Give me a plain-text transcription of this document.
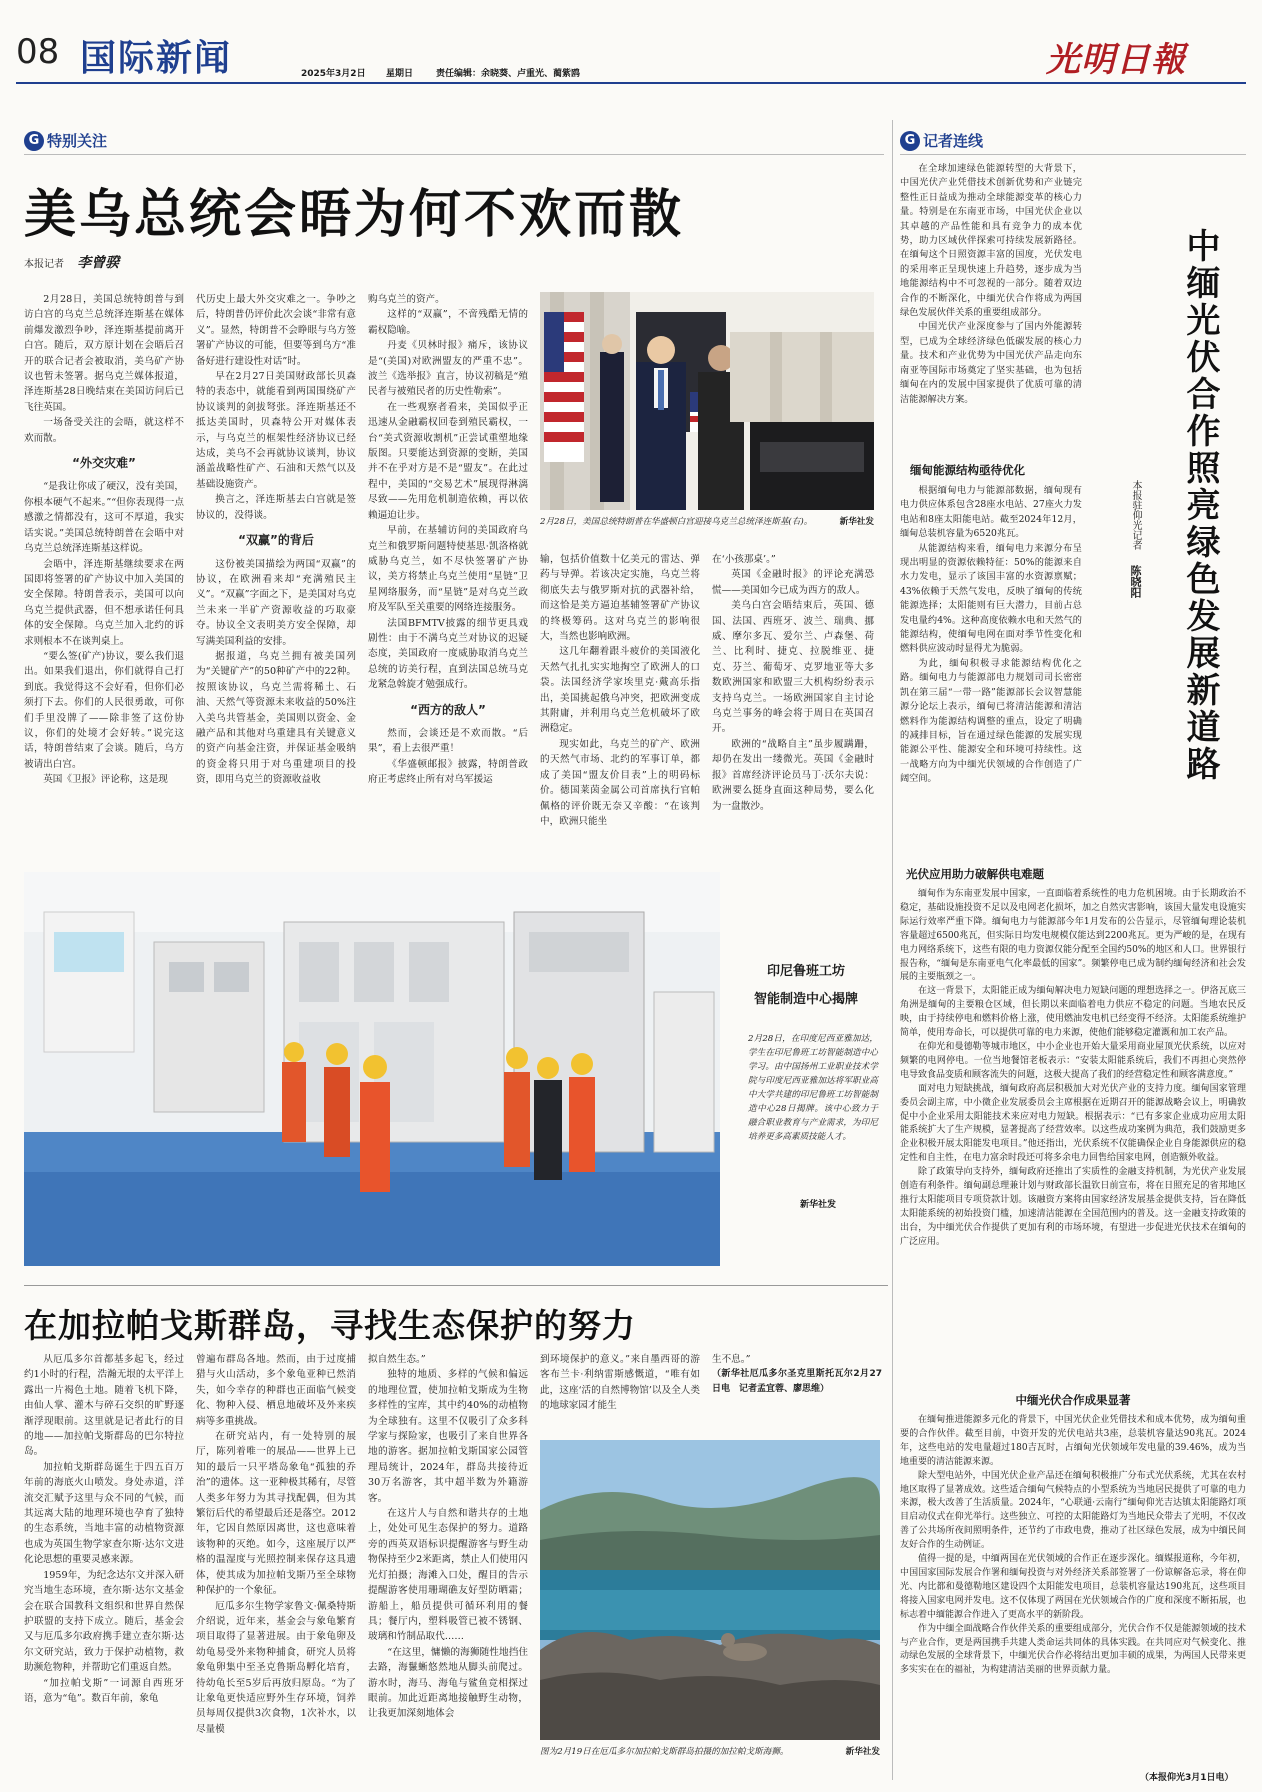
08 国际新闻	2025年3月2日 星期日	责任编辑：余晓葵、卢重光、蔺紫鸥	光明日報
G 特别关注
美乌总统会晤为何不欢而散
本报记者 李曾骙

2月28日，美国总统特朗普与到访白宫的乌克兰总统泽连斯基在媒体前爆发激烈争吵，泽连斯基提前离开白宫。随后，双方原计划在会晤后召开的联合记者会被取消，美乌矿产协议也暂未签署。据乌克兰媒体报道，泽连斯基28日晚结束在美国访问后已飞往英国。

一场备受关注的会晤，就这样不欢而散。

“外交灾难”

“是我让你成了硬汉，没有美国，你根本硬气不起来。”“但你表现得一点感激之情都没有，这可不厚道，我实话实说。”美国总统特朗普在会晤中对乌克兰总统泽连斯基这样说。

会晤中，泽连斯基继续要求在两国即将签署的矿产协议中加入美国的安全保障。特朗普表示，美国可以向乌克兰提供武器，但不想承诺任何具体的安全保障。乌克兰加入北约的诉求则根本不在谈判桌上。

“要么签(矿产)协议，要么我们退出。如果我们退出，你们就得自己打到底。我觉得这不会好看，但你们必须打下去。你们的人民很勇敢，可你们手里没牌了——除非签了这份协议，你们的处境才会好转。”说完这话，特朗普结束了会谈。随后，乌方被请出白宫。

英国《卫报》评论称，这是现

代历史上最大外交灾难之一。争吵之后，特朗普仍评价此次会谈“非常有意义”。显然，特朗普不会睁眼与乌方签署矿产协议的可能，但要等到乌方“准备好进行建设性对话”时。

早在2月27日美国财政部长贝森特的表态中，就能看到两国围绕矿产协议谈判的剑拔弩张。泽连斯基还不抵达美国时，贝森特公开对媒体表示，与乌克兰的框架性经济协议已经达成，美乌不会再就协议谈判，协议涵盖战略性矿产、石油和天然气以及基础设施资产。

换言之，泽连斯基去白宫就是签协议的，没得谈。

“双赢”的背后

这份被美国描绘为两国“双赢”的协议，在欧洲看来却“充满殖民主义”。“双赢”字面之下，是美国对乌克兰未来一半矿产资源收益的巧取豪夺。协议全文表明美方安全保障，却写满美国利益的安排。

据报道，乌克兰拥有被美国列为“关键矿产”的50种矿产中的22种。按照该协议，乌克兰需将稀土、石油、天然气等资源未来收益的50%注入美乌共管基金，美国则以资金、金融产品和其他对乌重建具有关键意义的资产向基金注资，并保证基金吸纳的资金将只用于对乌重建项目的投资，即用乌克兰的资源收益收

购乌克兰的资产。

这样的“双赢”，不啻残酷无情的霸权隐喻。

丹麦《贝林时报》痛斥，该协议是“(美国)对欧洲盟友的严重不忠”。波兰《选举报》直言，协议初稿是“殖民者与被殖民者的历史性勒索”。

在一些观察者看来，美国似乎正迅速从金融霸权回卷到殖民霸权，一台“美式资源收割机”正尝试重塑地缘版图。只要能达到资源的变断，美国并不在乎对方是不是“盟友”。在此过程中，美国的“交易艺术”展现得淋漓尽致——先用危机制造依赖，再以依赖逼迫让步。

早前，在基辅访问的美国政府乌克兰和俄罗斯问题特使基思·凯洛格就威胁乌克兰，如不尽快签署矿产协议，美方将禁止乌克兰使用“星链”卫星网络服务，而“星链”是对乌克兰政府及军队至关重要的网络连接服务。

法国BFMTV披露的细节更具戏剧性：由于不满乌克兰对协议的迟疑态度，美国政府一度威胁取消乌克兰总统的访美行程，直到法国总统马克龙紧急斡旋才勉强成行。

“西方的敌人”

然而，会谈还是不欢而散。“后果”，看上去很严重！

《华盛顿邮报》披露，特朗普政府正考虑终止所有对乌军援运

2月28日，美国总统特朗普在华盛顿白宫迎接乌克兰总统泽连斯基(右)。	新华社发

输，包括价值数十亿美元的雷达、弹药与导弹。若该决定实施，乌克兰将彻底失去与俄罗斯对抗的武器补给，而这恰是美方逼迫基辅签署矿产协议的终极筹码。这对乌克兰的影响很大，当然也影响欧洲。

这几年翻着跟斗疲价的美国液化天然气扎扎实实地掏空了欧洲人的口袋。法国经济学家埃里克·戴高乐指出，美国挑起俄乌冲突，把欧洲变成其附庸，并利用乌克兰危机破坏了欧洲稳定。

现实如此，乌克兰的矿产、欧洲的天然气市场、北约的军事订单，都成了美国“盟友价目表”上的明码标价。德国莱茵金属公司首席执行官帕佩格的评价既无奈又辛酸：“在该判中，欧洲只能坐

在‘小孩那桌’。”

英国《金融时报》的评论充满恐慌——美国如今已成为西方的敌人。

美乌白宫会晤结束后，英国、德国、法国、西班牙、波兰、瑞典、挪威、摩尔多瓦、爱尔兰、卢森堡、荷兰、比利时、捷克、拉脱维亚、捷克、芬兰、葡萄牙、克罗地亚等大多数欧洲国家和欧盟三大机构纷纷表示支持乌克兰。一场欧洲国家自主讨论乌克兰事务的峰会将于周日在英国召开。

欧洲的“战略自主”虽步履蹒跚，却仍在发出一缕微光。英国《金融时报》首席经济评论员马丁·沃尔夫说：欧洲要么挺身直面这种局势，要么化为一盘散沙。

印尼鲁班工坊
智能制造中心揭牌
2月28日，在印度尼西亚雅加达，学生在印尼鲁班工坊智能制造中心学习。由中国扬州工业职业技术学院与印度尼西亚雅加达将军职业高中大学共建的印尼鲁班工坊智能制造中心28日揭牌。该中心致力于融合职业教育与产业需求，为印尼培养更多高素质技能人才。
新华社发
在加拉帕戈斯群岛，寻找生态保护的努力

从厄瓜多尔首都基多起飞，经过约1小时的行程，浩瀚无垠的太平洋上露出一片褐色土地。随着飞机下降，由仙人掌、灌木与碎石交织的旷野逐渐浮现眼前。这里就是记者此行的目的地——加拉帕戈斯群岛的巴尔特拉岛。

加拉帕戈斯群岛诞生于四五百万年前的海底火山喷发。身处赤道，洋流交汇赋予这里与众不同的气候，而其远离大陆的地理环境也孕育了独特的生态系统，当地丰富的动植物资源也成为英国生物学家查尔斯·达尔文进化论思想的重要灵感来源。

1959年，为纪念达尔文并深入研究当地生态环境，查尔斯·达尔文基金会在联合国教科文组织和世界自然保护联盟的支持下成立。随后，基金会又与厄瓜多尔政府携手建立查尔斯·达尔文研究站，致力于保护动植物，救助濒危物种，并帮助它们重返自然。

“加拉帕戈斯”一词源自西班牙语，意为“龟”。数百年前，象龟

曾遍布群岛各地。然而，由于过度捕猎与火山活动，多个象龟亚种已然消失，如今幸存的种群也正面临气候变化、物种入侵、栖息地破坏及外来疾病等多重挑战。

在研究站内，有一处特别的展厅，陈列着唯一的展品——世界上已知的最后一只平塔岛象龟“孤独的乔治”的遗体。这一亚种极其稀有，尽管人类多年努力为其寻找配偶，但为其繁衍后代的希望最后还是落空。2012年，它因自然原因离世，这也意味着该物种的灭绝。如今，这座展厅以严格的温湿度与光照控制来保存这具遗体，使其成为加拉帕戈斯乃至全球物种保护的一个象征。

厄瓜多尔生物学家鲁文·佩桑特斯介绍说，近年来，基金会与象龟繁育项目取得了显著进展。由于象龟卵及幼龟易受外来物种捕食，研究人员将象龟卵集中至圣克鲁斯岛孵化培育，待幼龟长至5岁后再放归原岛。“为了让象龟更快适应野外生存环境，饲养员每周仅提供3次食物，1次补水，以尽量模

拟自然生态。”

独特的地质、多样的气候和偏远的地理位置，使加拉帕戈斯成为生物多样性的宝库，其中约40%的动植物为全球独有。这里不仅吸引了众多科学家与探险家，也吸引了来自世界各地的游客。据加拉帕戈斯国家公园管理局统计，2024年，群岛共接待近30万名游客，其中超半数为外籍游客。

在这片人与自然和谐共存的土地上，处处可见生态保护的努力。道路旁的西英双语标识提醒游客与野生动物保持至少2米距离，禁止人们使用闪光灯拍摄；海滩入口处，醒目的告示提醒游客使用珊瑚礁友好型防晒霜；游船上，船员提供可循环利用的餐具；餐厅内，塑料吸管已被不锈钢、玻璃和竹制品取代……

“在这里，慵懒的海狮随性地挡住去路，海鬣蜥悠然地从脚头前爬过。游水时，海马、海龟与鲨鱼竞相探过眼前。加此近距离地接触野生动物，让我更加深刻地体会

到环境保护的意义。”来自墨西哥的游客布兰卡·利纳雷斯感慨道，“唯有如此，这座‘活的自然博物馆’以及全人类的地球家园才能生

生不息。”

（新华社厄瓜多尔圣克里斯托瓦尔2月27日电　记者孟宜蓉、廖思维）
图为2月19日在厄瓜多尔加拉帕戈斯群岛拍摄的加拉帕戈斯海狮。	新华社发
G 记者连线

在全球加速绿色能源转型的大背景下，中国光伏产业凭借技术创新优势和产业链完整性正日益成为推动全球能源变革的核心力量。特别是在东南亚市场，中国光伏企业以其卓越的产品性能和具有竞争力的成本优势，助力区域伙伴探索可持续发展新路径。在缅甸这个日照资源丰富的国度，光伏发电的采用率正呈现快速上升趋势，逐步成为当地能源结构中不可忽视的一部分。随着双边合作的不断深化，中缅光伏合作将成为两国绿色发展伙伴关系的重要组成部分。

中国光伏产业深度参与了国内外能源转型，已成为全球经济绿色低碳发展的核心力量。技术和产业优势为中国光伏产品走向东南亚等国际市场奠定了坚实基础，也为包括缅甸在内的发展中国家提供了优质可靠的清洁能源解决方案。	中缅光伏合作照亮绿色发展新道路
本报驻仰光记者 陈晓阳
缅甸能源结构亟待优化

根据缅甸电力与能源部数据，缅甸现有电力供应体系包含28座水电站、27座火力发电站和8座太阳能电站。截至2024年12月，缅甸总装机容量为6520兆瓦。

从能源结构来看，缅甸电力来源分布呈现出明显的资源依赖特征：50%的能源来自水力发电，显示了该国丰富的水资源禀赋；43%依赖于天然气发电，反映了缅甸的传统能源选择；太阳能则有巨大潜力，目前占总发电量约4%。这种高度依赖水电和天然气的能源结构，使缅甸电网在面对季节性变化和燃料供应波动时显得尤为脆弱。

为此，缅甸积极寻求能源结构优化之路。缅甸电力与能源部电力规划司司长密密凯在第三届“一带一路”能源部长会议智慧能源分论坛上表示，缅甸已将清洁能源和清洁燃料作为能源结构调整的重点，设定了明确的减排目标，旨在通过绿色能源的发展实现能源公平性、能源安全和环境可持续性。这一战略方向为中缅光伏领域的合作创造了广阔空间。

光伏应用助力破解供电难题

缅甸作为东南亚发展中国家，一直面临着系统性的电力危机困境。由于长期政治不稳定，基础设施投资不足以及电网老化损坏，加之自然灾害影响，该国大量发电设施实际运行效率严重下降。缅甸电力与能源部今年1月发布的公告显示，尽管缅甸理论装机容量超过6500兆瓦，但实际日均发电规模仅能达到2200兆瓦。更为严峻的是，在现有电力网络系统下，这些有限的电力资源仅能分配至全国约50%的地区和人口。世界银行报告称，“缅甸是东南亚电气化率最低的国家”。频繁停电已成为制约缅甸经济和社会发展的主要瓶颈之一。

在这一背景下，太阳能正成为缅甸解决电力短缺问题的理想选择之一。伊洛瓦底三角洲是缅甸的主要粮仓区域，但长期以来面临着电力供应不稳定的问题。当地农民反映，由于持续停电和燃料价格上涨，使用燃油发电机已经变得不经济。太阳能系统维护简单，使用寿命长，可以提供可靠的电力来源，使他们能够稳定灌溉和加工农产品。

在仰光和曼德勒等城市地区，中小企业也开始大量采用商业屋顶光伏系统，以应对频繁的电网停电。一位当地餐馆老板表示：“安装太阳能系统后，我们不再担心突然停电导致食品变质和顾客流失的问题，这极大提高了我们的经营稳定性和顾客满意度。”

面对电力短缺挑战，缅甸政府高层积极加大对光伏产业的支持力度。缅甸国家管理委员会副主席，中小微企业发展委员会主席根据在近期召开的能源战略会议上，明确敦促中小企业采用太阳能技术来应对电力短缺。根据表示：“已有多家企业成功应用太阳能系统扩大了生产规模，显著提高了经营效率。以这些成功案例为典范，我们鼓励更多企业积极开展太阳能发电项目。”他还指出，光伏系统不仅能确保企业自身能源供应的稳定性和自主性，在电力富余时段还可将多余电力回售给国家电网，创造额外收益。

除了政策导向支持外，缅甸政府还推出了实质性的金融支持机制，为光伏产业发展创造有利条件。缅甸副总理兼计划与财政部长温钦日前宣布，将在日照充足的省邦地区推行太阳能项目专项贷款计划。该融资方案将由国家经济发展基金提供支持，旨在降低太阳能系统的初始投资门槛，加速清洁能源在全国范围内的普及。这一金融支持政策的出台，为中缅光伏合作提供了更加有利的市场环境，有望进一步促进光伏技术在缅甸的广泛应用。

中缅光伏合作成果显著

在缅甸推进能源多元化的背景下，中国光伏企业凭借技术和成本优势，成为缅甸重要的合作伙伴。截至目前，中资开发的光伏电站共3座，总装机容量达90兆瓦。2024年，这些电站的发电量超过180吉瓦时，占缅甸光伏领域年发电量的39.46%，成为当地重要的清洁能源来源。

除大型电站外，中国光伏企业产品还在缅甸积极推广分布式光伏系统，尤其在农村地区取得了显著成效。这些适合缅甸气候特点的小型系统为当地居民提供了可靠的电力来源，极大改善了生活质量。2024年，“心联通·云南行”缅甸仰光吉达镇太阳能路灯项目启动仪式在仰光举行。这些独立、可控的太阳能路灯为当地民众带去了光明，不仅改善了公共场所夜间照明条件，还节约了市政电费，推动了社区绿色发展，成为中缅民间友好合作的生动例证。

值得一提的是，中缅两国在光伏领域的合作正在逐步深化。缅媒报道称，今年初，中国国家国际发展合作署和缅甸投资与对外经济关系部签署了一份谅解备忘录，将在仰光、内比都和曼德勒地区建设四个太阳能发电项目，总装机容量达190兆瓦，这些项目将接入国家电网并发电。这不仅体现了两国在光伏领域合作的广度和深度不断拓展，也标志着中缅能源合作进入了更高水平的新阶段。

作为中缅全面战略合作伙伴关系的重要组成部分，光伏合作不仅是能源领域的技术与产业合作，更是两国携手共建人类命运共同体的具体实践。在共同应对气候变化、推动绿色发展的全球背景下，中缅光伏合作必将结出更加丰硕的成果，为两国人民带来更多实实在在的福祉，为构建清洁美丽的世界贡献力量。

（本报仰光3月1日电）
